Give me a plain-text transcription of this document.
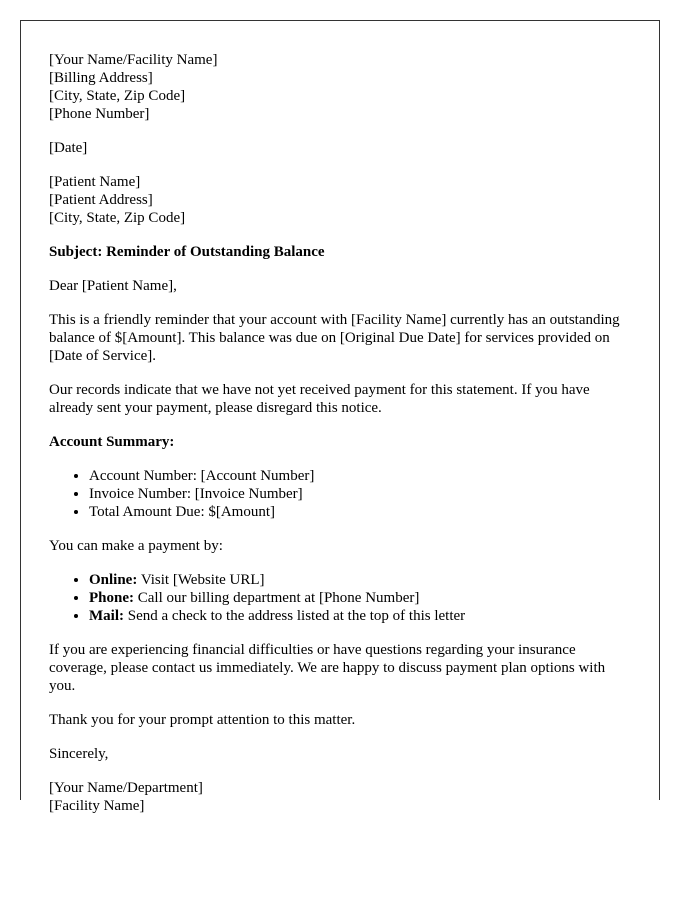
[Your Name/Facility Name]
[Billing Address]
[City, State, Zip Code]
[Phone Number]

[Date]

[Patient Name]
[Patient Address]
[City, State, Zip Code]

Subject: Reminder of Outstanding Balance

Dear [Patient Name],

This is a friendly reminder that your account with [Facility Name] currently has an outstanding balance of $[Amount]. This balance was due on [Original Due Date] for services provided on [Date of Service].

Our records indicate that we have not yet received payment for this statement. If you have already sent your payment, please disregard this notice.

Account Summary:

• Account Number: [Account Number]
• Invoice Number: [Invoice Number]
• Total Amount Due: $[Amount]

You can make a payment by:

• Online: Visit [Website URL]
• Phone: Call our billing department at [Phone Number]
• Mail: Send a check to the address listed at the top of this letter

If you are experiencing financial difficulties or have questions regarding your insurance coverage, please contact us immediately. We are happy to discuss payment plan options with you.

Thank you for your prompt attention to this matter.

Sincerely,

[Your Name/Department]
[Facility Name]
